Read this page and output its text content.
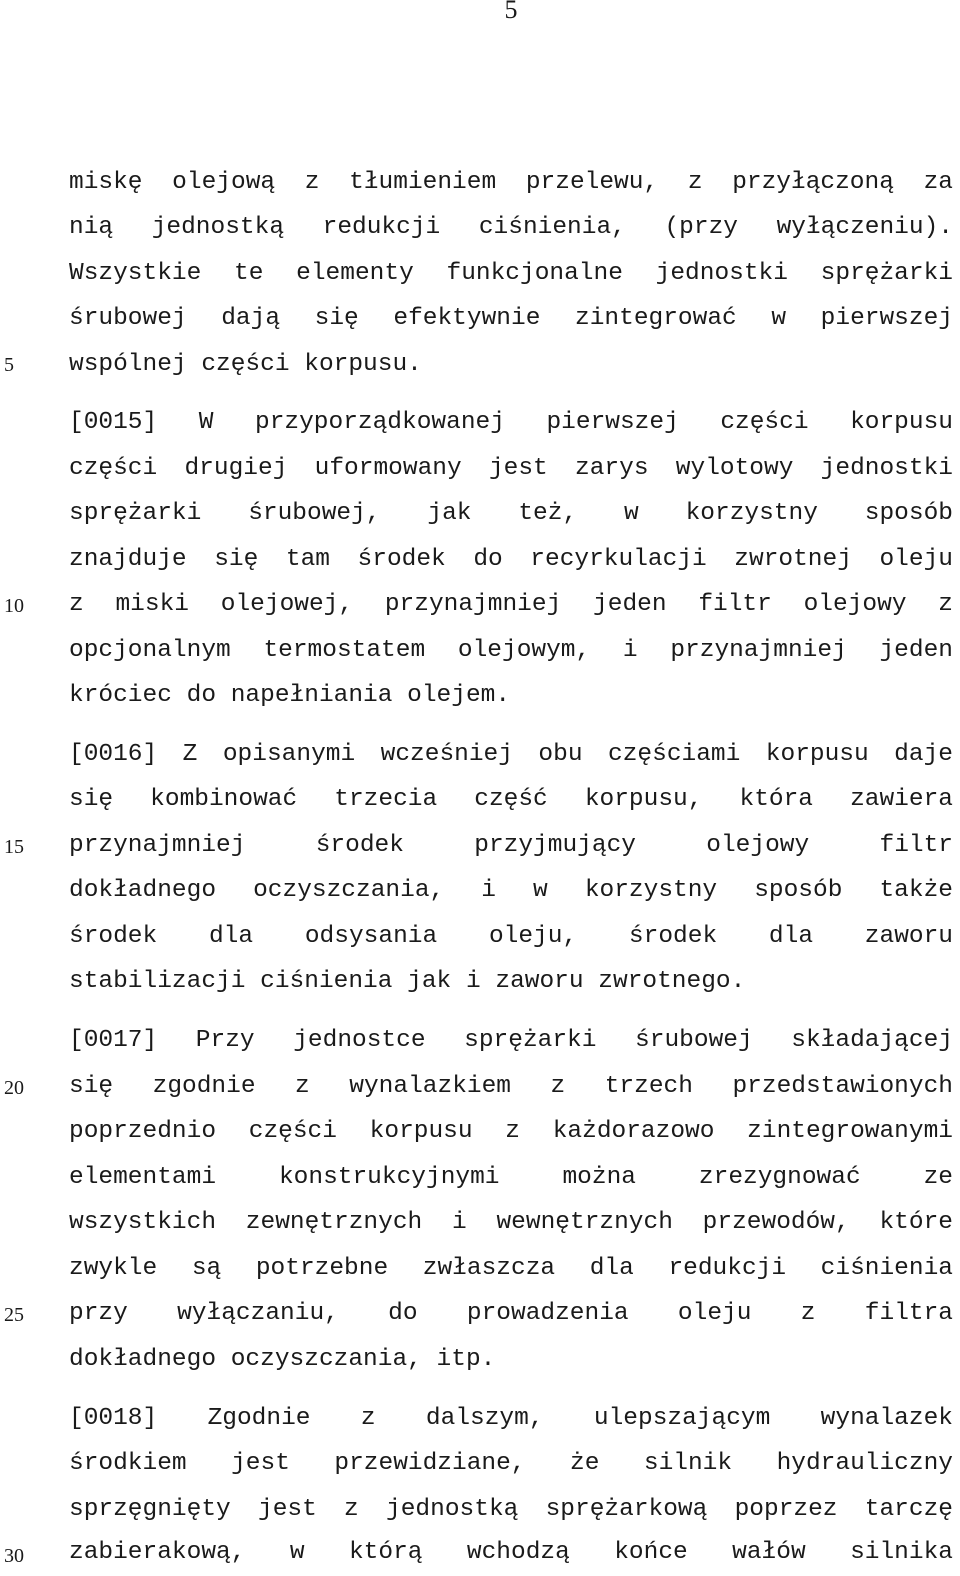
5
5
10
15
20
25
30
miskę olejową z tłumieniem przelewu, z przyłączoną za
nią jednostką redukcji ciśnienia, (przy wyłączeniu).
Wszystkie te elementy funkcjonalne jednostki sprężarki
śrubowej dają się efektywnie zintegrować w pierwszej
wspólnej części korpusu.
[0015] W przyporządkowanej pierwszej części korpusu
części drugiej uformowany jest zarys wylotowy jednostki
sprężarki śrubowej, jak też, w korzystny sposób
znajduje się tam środek do recyrkulacji zwrotnej oleju
z miski olejowej, przynajmniej jeden filtr olejowy z
opcjonalnym termostatem olejowym, i przynajmniej jeden
króciec do napełniania olejem.
[0016] Z opisanymi wcześniej obu częściami korpusu daje
się kombinować trzecia część korpusu, która zawiera
przynajmniej środek przyjmujący olejowy filtr
dokładnego oczyszczania, i w korzystny sposób także
środek dla odsysania oleju, środek dla zaworu
stabilizacji ciśnienia jak i zaworu zwrotnego.
[0017] Przy jednostce sprężarki śrubowej składającej
się zgodnie z wynalazkiem z trzech przedstawionych
poprzednio części korpusu z każdorazowo zintegrowanymi
elementami konstrukcyjnymi można zrezygnować ze
wszystkich zewnętrznych i wewnętrznych przewodów, które
zwykle są potrzebne zwłaszcza dla redukcji ciśnienia
przy wyłączaniu, do prowadzenia oleju z filtra
dokładnego oczyszczania, itp.
[0018] Zgodnie z dalszym, ulepszającym wynalazek
środkiem jest przewidziane, że silnik hydrauliczny
sprzęgnięty jest z jednostką sprężarkową poprzez tarczę
zabierakową, w którą wchodzą końce wałów silnika
